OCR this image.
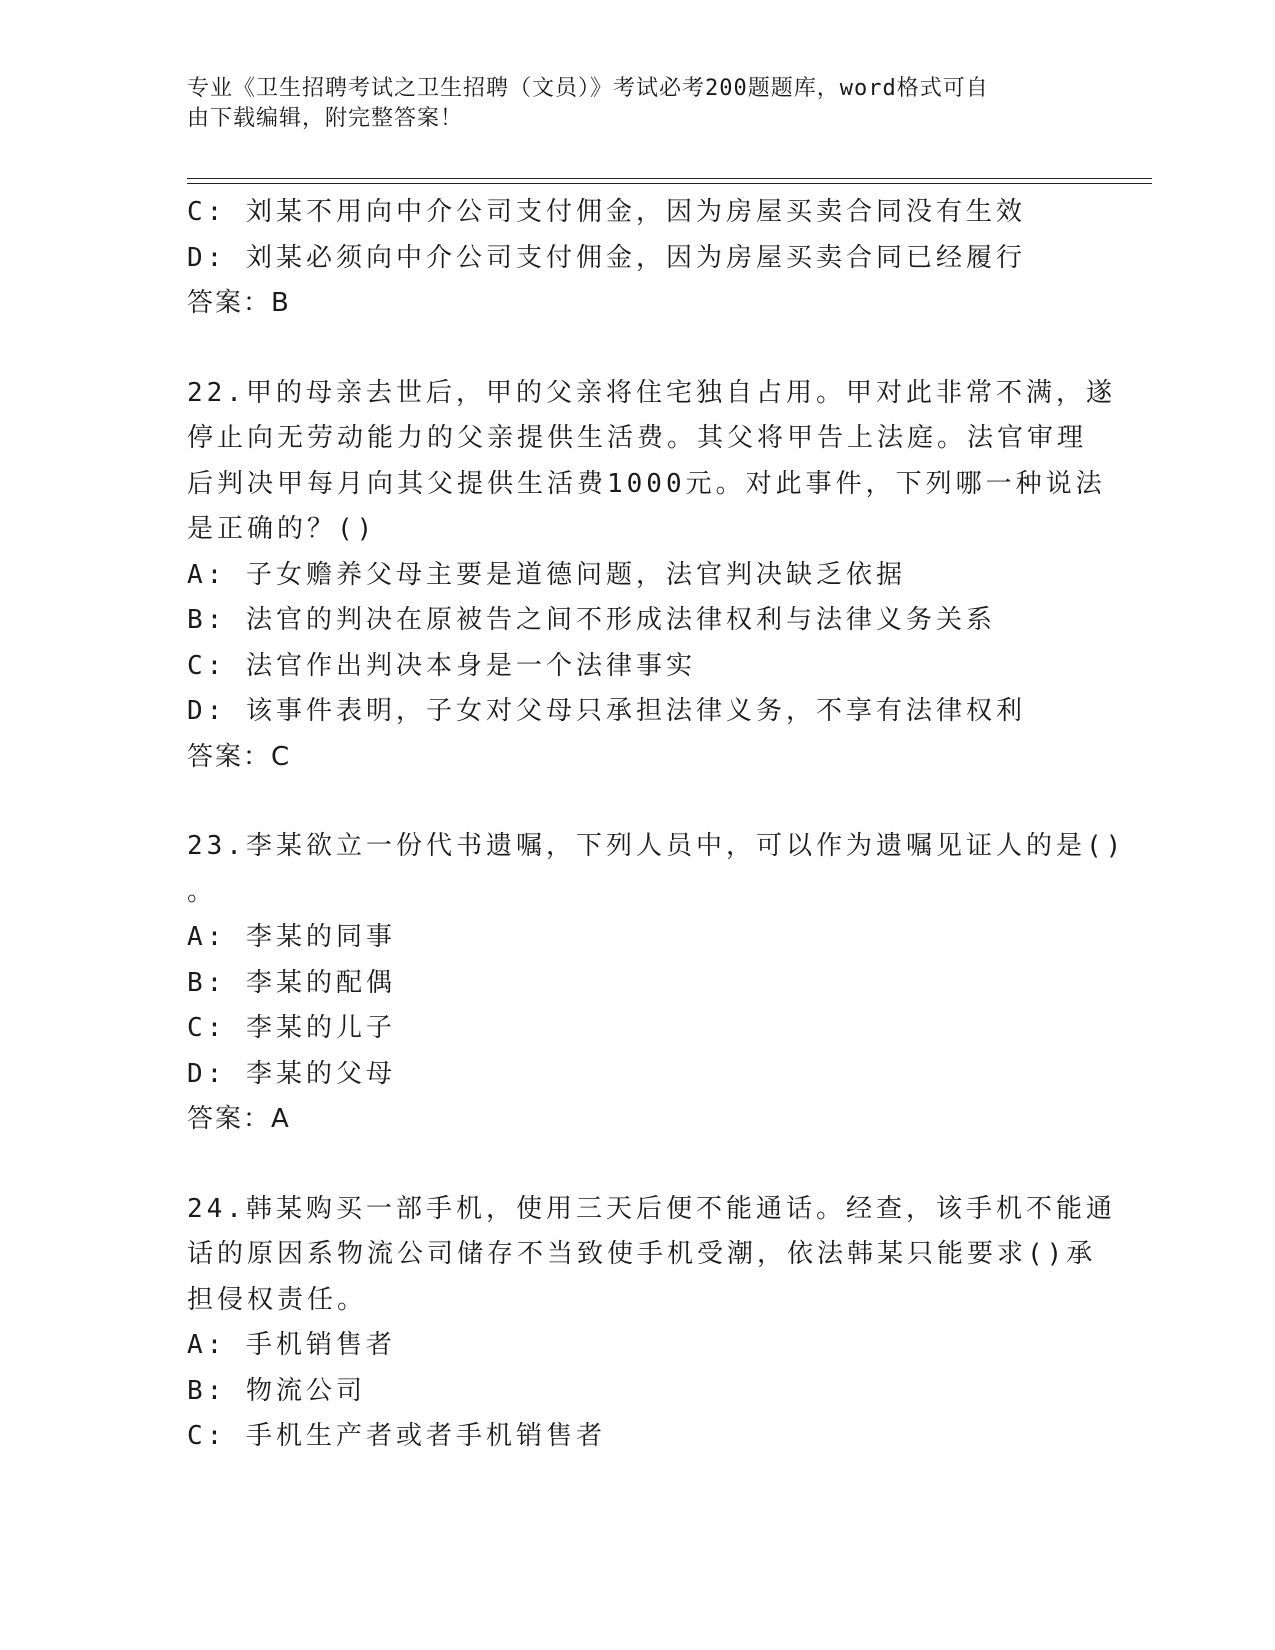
专业《卫生招聘考试之卫生招聘（文员）》考试必考200题题库，word格式可自
由下载编辑，附完整答案！
C: 刘某不用向中介公司支付佣金，因为房屋买卖合同没有生效
D: 刘某必须向中介公司支付佣金，因为房屋买卖合同已经履行
答案：B
22.甲的母亲去世后，甲的父亲将住宅独自占用。甲对此非常不满，遂
停止向无劳动能力的父亲提供生活费。其父将甲告上法庭。法官审理
后判决甲每月向其父提供生活费1000元。对此事件，下列哪一种说法
是正确的？()
A: 子女赡养父母主要是道德问题，法官判决缺乏依据
B: 法官的判决在原被告之间不形成法律权利与法律义务关系
C: 法官作出判决本身是一个法律事实
D: 该事件表明，子女对父母只承担法律义务，不享有法律权利
答案：C
23.李某欲立一份代书遗嘱，下列人员中，可以作为遗嘱见证人的是()
。
A: 李某的同事
B: 李某的配偶
C: 李某的儿子
D: 李某的父母
答案：A
24.韩某购买一部手机，使用三天后便不能通话。经查，该手机不能通
话的原因系物流公司储存不当致使手机受潮，依法韩某只能要求()承
担侵权责任。
A: 手机销售者
B: 物流公司
C: 手机生产者或者手机销售者
